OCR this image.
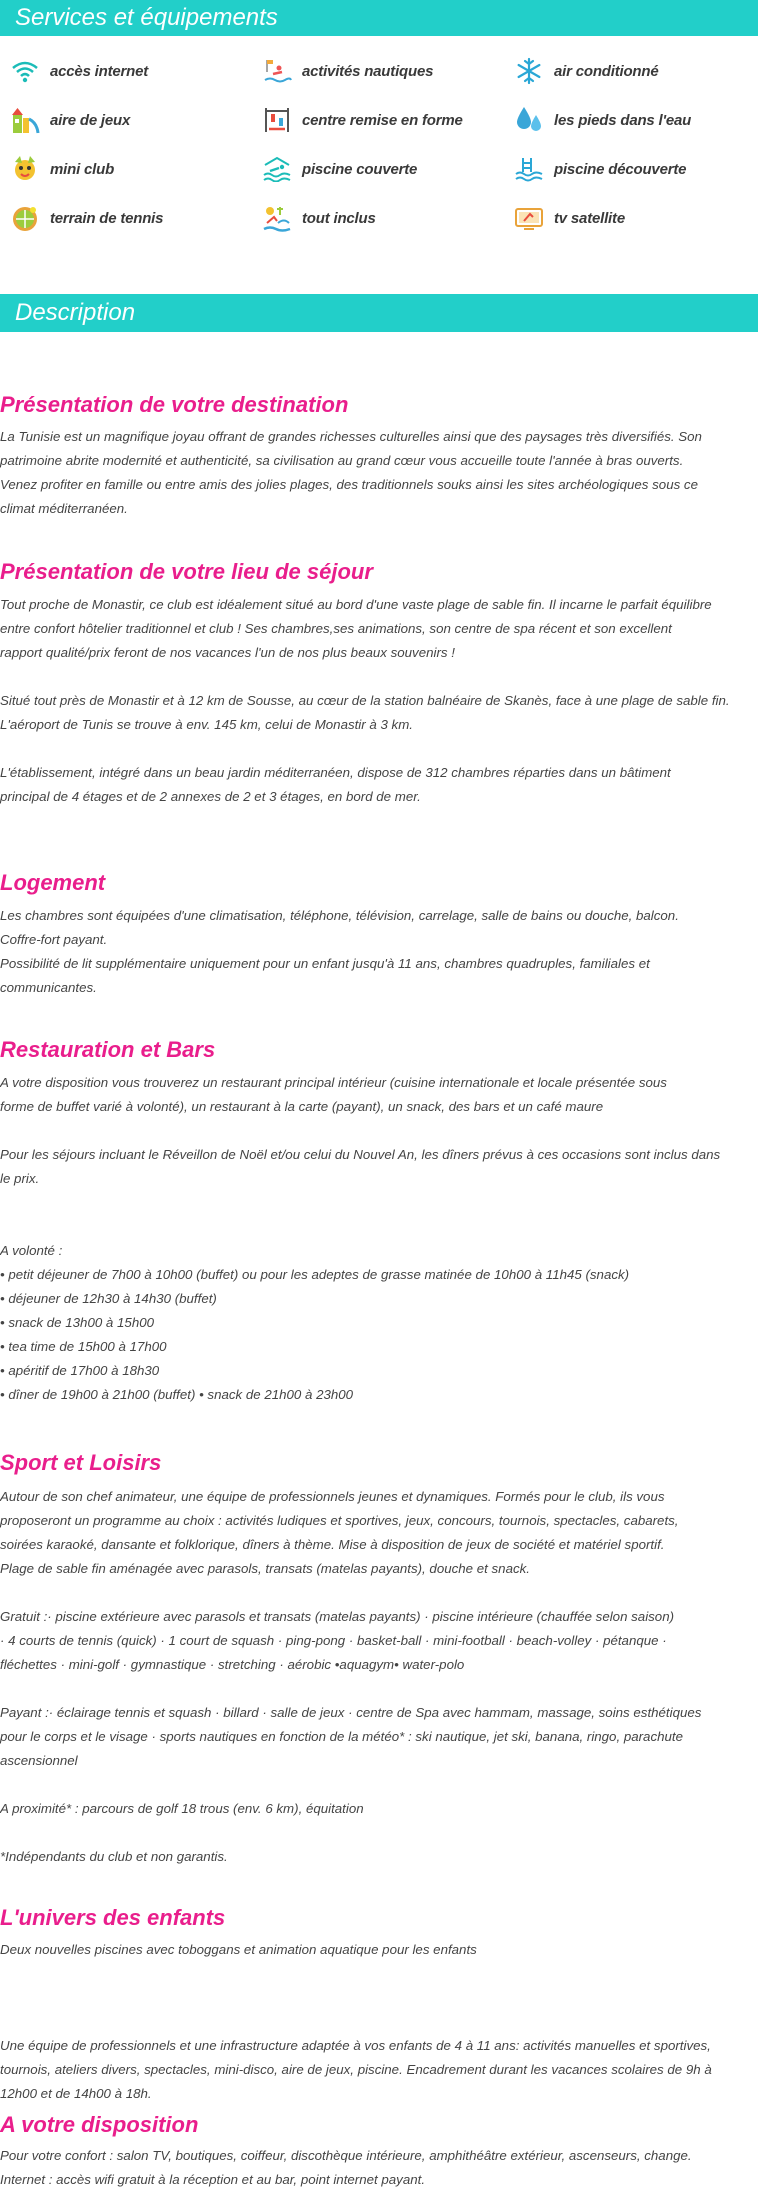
Services et équipements
accès internet	activités nautiques	air conditionné
aire de jeux	centre remise en forme	les pieds dans l'eau
mini club	piscine couverte	piscine découverte
terrain de tennis	tout inclus	tv satellite
Description
Présentation de votre destination
La Tunisie est un magnifique joyau offrant de grandes richesses culturelles ainsi que des paysages très diversifiés. Son
patrimoine abrite modernité et authenticité, sa civilisation au grand cœur vous accueille toute l'année à bras ouverts.
Venez profiter en famille ou entre amis des jolies plages, des traditionnels souks ainsi les sites archéologiques sous ce
climat méditerranéen.
Présentation de votre lieu de séjour
Tout proche de Monastir, ce club est idéalement situé au bord d'une vaste plage de sable fin. Il incarne le parfait équilibre
entre confort hôtelier traditionnel et club ! Ses chambres,ses animations, son centre de spa récent et son excellent
rapport qualité/prix feront de nos vacances l'un de nos plus beaux souvenirs !
Situé tout près de Monastir et à 12 km de Sousse, au cœur de la station balnéaire de Skanès, face à une plage de sable fin.
L'aéroport de Tunis se trouve à env. 145 km, celui de Monastir à 3 km.
L'établissement, intégré dans un beau jardin méditerranéen, dispose de 312 chambres réparties dans un bâtiment
principal de 4 étages et de 2 annexes de 2 et 3 étages, en bord de mer.
Logement
Les chambres sont équipées d'une climatisation, téléphone, télévision, carrelage, salle de bains ou douche, balcon.
Coffre-fort payant.
Possibilité de lit supplémentaire uniquement pour un enfant jusqu'à 11 ans, chambres quadruples, familiales et
communicantes.
Restauration et Bars
A votre disposition vous trouverez un restaurant principal intérieur (cuisine internationale et locale présentée sous
forme de buffet varié à volonté), un restaurant à la carte (payant), un snack, des bars et un café maure
Pour les séjours incluant le Réveillon de Noël et/ou celui du Nouvel An, les dîners prévus à ces occasions sont inclus dans
le prix.
A volonté :
• petit déjeuner de 7h00 à 10h00 (buffet) ou pour les adeptes de grasse matinée de 10h00 à 11h45 (snack)
• déjeuner de 12h30 à 14h30 (buffet)
• snack de 13h00 à 15h00
• tea time de 15h00 à 17h00
• apéritif de 17h00 à 18h30
• dîner de 19h00 à 21h00 (buffet) • snack de 21h00 à 23h00
Sport et Loisirs
Autour de son chef animateur, une équipe de professionnels jeunes et dynamiques. Formés pour le club, ils vous
proposeront un programme au choix : activités ludiques et sportives, jeux, concours, tournois, spectacles, cabarets,
soirées karaoké, dansante et folklorique, dîners à thème. Mise à disposition de jeux de société et matériel sportif.
Plage de sable fin aménagée avec parasols, transats (matelas payants), douche et snack.
Gratuit :· piscine extérieure avec parasols et transats (matelas payants) · piscine intérieure (chauffée selon saison)
· 4 courts de tennis (quick) · 1 court de squash · ping-pong · basket-ball · mini-football · beach-volley · pétanque ·
fléchettes · mini-golf · gymnastique · stretching · aérobic •aquagym• water-polo
Payant :· éclairage tennis et squash · billard · salle de jeux · centre de Spa avec hammam, massage, soins esthétiques
pour le corps et le visage · sports nautiques en fonction de la météo* : ski nautique, jet ski, banana, ringo, parachute
ascensionnel
A proximité* : parcours de golf 18 trous (env. 6 km), équitation
*Indépendants du club et non garantis.
L'univers des enfants
Deux nouvelles piscines avec toboggans et animation aquatique pour les enfants
Une équipe de professionnels et une infrastructure adaptée à vos enfants de 4 à 11 ans: activités manuelles et sportives,
tournois, ateliers divers, spectacles, mini-disco, aire de jeux, piscine. Encadrement durant les vacances scolaires de 9h à
12h00 et de 14h00 à 18h.
A votre disposition
Pour votre confort : salon TV, boutiques, coiffeur, discothèque intérieure, amphithéâtre extérieur, ascenseurs, change.
Internet : accès wifi gratuit à la réception et au bar, point internet payant.
